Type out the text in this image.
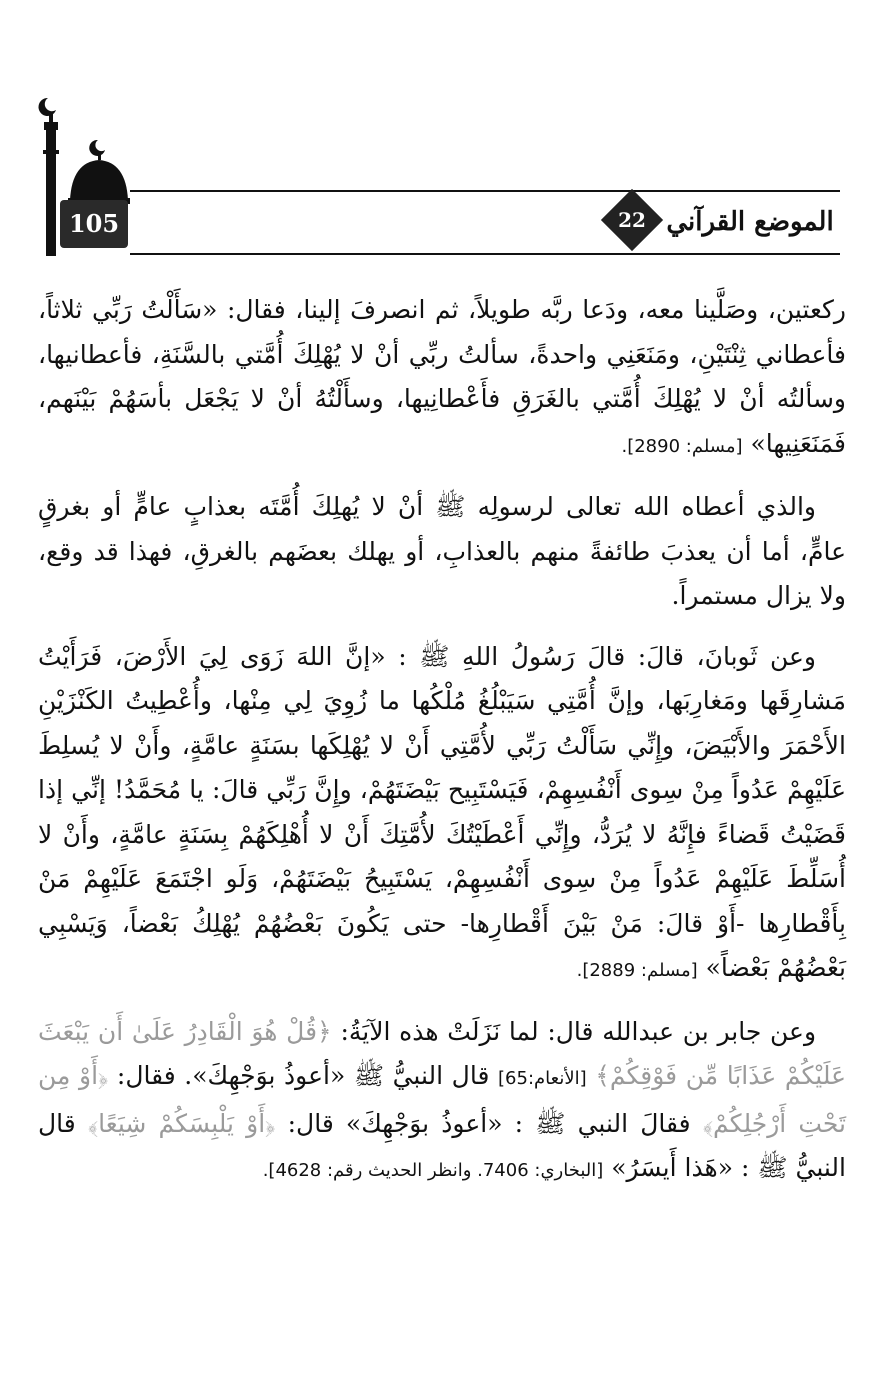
105	22 الموضع القرآني

ركعتين، وصَلَّينا معه، ودَعا ربَّه طويلاً، ثم انصرفَ إلينا، فقال: «سَأَلْتُ رَبِّي ثلاثاً، فأعطاني ثِنْتَيْنِ، ومَنَعَنِي واحدةً، سألتُ ربِّي أنْ لا يُهْلِكَ أُمَّتي بالسَّنَةِ، فأعطانيها، وسألتُه أنْ لا يُهْلِكَ أُمَّتي بالغَرَقِ فأَعْطانِيها، وسأَلْتُهُ أنْ لا يَجْعَل بأسَهُمْ بَيْنَهم، فَمَنَعَنِيها» [مسلم: 2890].

والذي أعطاه الله تعالى لرسولِه ﷺ أنْ لا يُهلِكَ أُمَّتَه بعذابٍ عامٍّ أو بغرقٍ عامٍّ، أما أن يعذبَ طائفةً منهم بالعذابِ، أو يهلك بعضَهم بالغرقِ، فهذا قد وقع، ولا يزال مستمراً.

وعن ثَوبانَ، قالَ: قالَ رَسُولُ اللهِ ﷺ : «إنَّ اللهَ زَوَى لِيَ الأَرْضَ، فَرَأَيْتُ مَشارِقَها ومَغارِبَها، وإنَّ أُمَّتِي سَيَبْلُغُ مُلْكُها ما زُوِيَ لِي مِنْها، وأُعْطِيتُ الكَنْزَيْنِ الأَحْمَرَ والأَبْيَضَ، وإِنِّي سَأَلْتُ رَبِّي لأُمَّتِي أَنْ لا يُهْلِكَها بسَنَةٍ عامَّةٍ، وأَنْ لا يُسلِطَ عَلَيْهِمْ عَدُواً مِنْ سِوى أَنْفُسِهِمْ، فَيَسْتَبِيح بَيْضَتَهُمْ، وإِنَّ رَبِّي قالَ: يا مُحَمَّدُ! إنِّي إذا قَضَيْتُ قَضاءً فإِنَّهُ لا يُرَدُّ، وإِنِّي أَعْطَيْتُكَ لأُمَّتِكَ أَنْ لا أُهْلِكَهُمْ بِسَنَةٍ عامَّةٍ، وأَنْ لا أُسَلِّطَ عَلَيْهِمْ عَدُواً مِنْ سِوى أَنْفُسِهِمْ، يَسْتَبِيحُ بَيْضَتَهُمْ، وَلَو اجْتَمَعَ عَلَيْهِمْ مَنْ بِأَقْطارِها -أَوْ قالَ: مَنْ بَيْنَ أَقْطارِها- حتى يَكُونَ بَعْضُهُمْ يُهْلِكُ بَعْضاً، وَيَسْبِي بَعْضُهُمْ بَعْضاً» [مسلم: 2889].

وعن جابر بن عبدالله قال: لما نَزَلَتْ هذه الآيَةُ: ﴿قُلْ هُوَ الْقَادِرُ عَلَىٰ أَن يَبْعَثَ عَلَيْكُمْ عَذَابًا مِّن فَوْقِكُمْ﴾ [الأنعام:65] قال النبيُّ ﷺ «أعوذُ بوَجْهِكَ». فقال: ﴿أَوْ مِن تَحْتِ أَرْجُلِكُمْ﴾ فقالَ النبي ﷺ : «أعوذُ بوَجْهِكَ» قال: ﴿أَوْ يَلْبِسَكُمْ شِيَعًا﴾ قال النبيُّ ﷺ : «هَذا أَيسَرُ» [البخاري: 7406. وانظر الحديث رقم: 4628].
